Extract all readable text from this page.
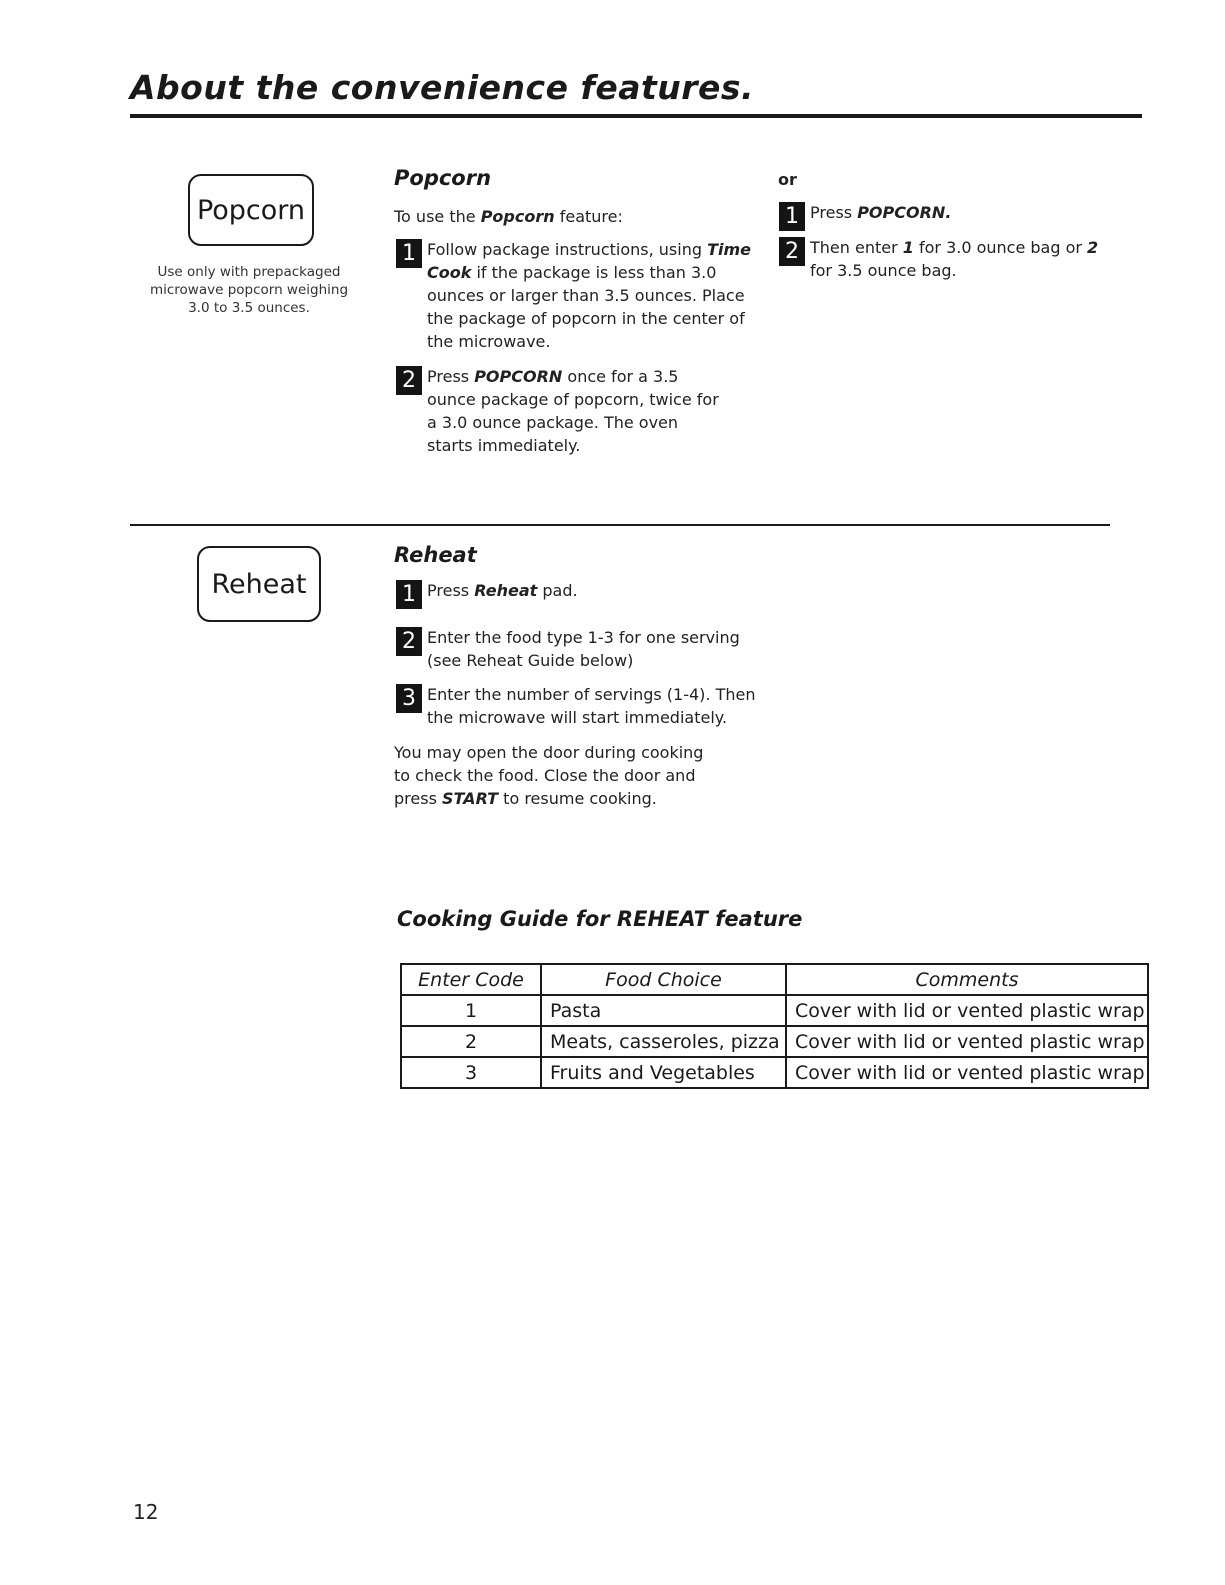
About the convenience features.
Popcorn
Use only with prepackaged microwave popcorn weighing 3.0 to 3.5 ounces.
Popcorn
To use the Popcorn feature:
1 Follow package instructions, using Time Cook if the package is less than 3.0 ounces or larger than 3.5 ounces. Place the package of popcorn in the center of the microwave.
2 Press POPCORN once for a 3.5 ounce package of popcorn, twice for a 3.0 ounce package. The oven starts immediately.
or
1 Press POPCORN.
2 Then enter 1 for 3.0 ounce bag or 2 for 3.5 ounce bag.
Reheat
Reheat
1 Press Reheat pad.
2 Enter the food type 1-3 for one serving (see Reheat Guide below)
3 Enter the number of servings (1-4). Then the microwave will start immediately.
You may open the door during cooking to check the food. Close the door and press START to resume cooking.
Cooking Guide for REHEAT feature
Enter Code	Food Choice	Comments
1	Pasta	Cover with lid or vented plastic wrap
2	Meats, casseroles, pizza	Cover with lid or vented plastic wrap
3	Fruits and Vegetables	Cover with lid or vented plastic wrap
12
